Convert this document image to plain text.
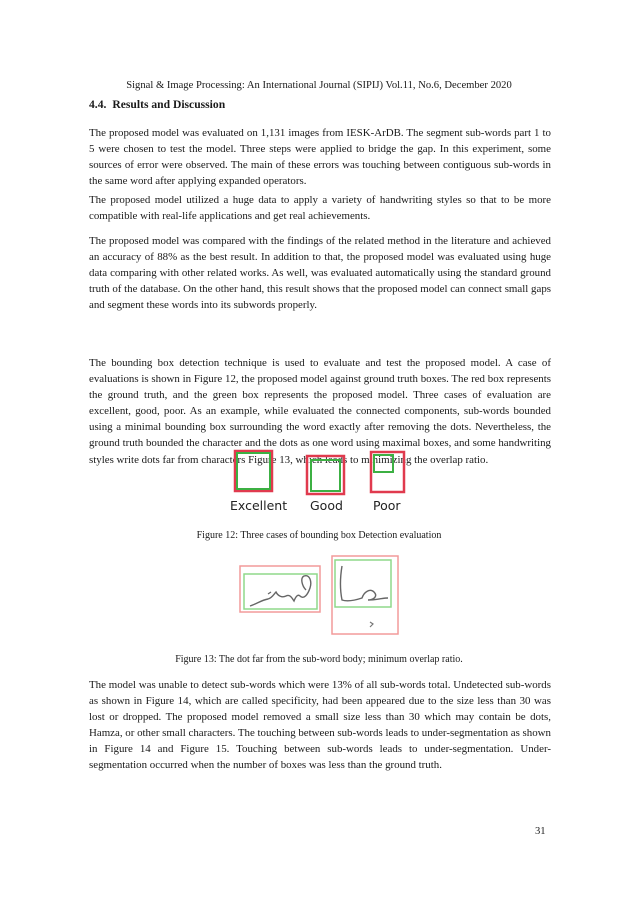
Signal & Image Processing: An International Journal (SIPIJ) Vol.11, No.6, December 2020
4.4. Results and Discussion

The proposed model was evaluated on 1,131 images from IESK-ArDB. The segment sub-words part 1 to 5 were chosen to test the model. Three steps were applied to bridge the gap. In this experiment, some sources of error were observed. The main of these errors was touching between contiguous sub-words in the same word after applying expanded operators.

The proposed model utilized a huge data to apply a variety of handwriting styles so that to be more compatible with real-life applications and get real achievements.

The proposed model was compared with the findings of the related method in the literature and achieved an accuracy of 88% as the best result. In addition to that, the proposed model was evaluated using huge data comparing with other related works. As well, was evaluated automatically using the standard ground truth of the database. On the other hand, this result shows that the proposed model can connect small gaps and segment these words into its subwords properly.

The bounding box detection technique is used to evaluate and test the proposed model. A case of evaluations is shown in Figure 12, the proposed model against ground truth boxes. The red box represents the ground truth, and the green box represents the proposed model. Three cases of evaluation are excellent, good, poor. As an example, while evaluated the connected components, sub-words bounded using a minimal bounding box surrounding the word exactly after removing the dots. Nevertheless, the ground truth bounded the character and the dots as one word using maximal boxes, and some handwriting styles write dots far from characters Figure 13, which leads to minimizing the overlap ratio.

Excellent Good Poor
Figure 12: Three cases of bounding box Detection evaluation
Figure 13: The dot far from the sub-word body; minimum overlap ratio.

The model was unable to detect sub-words which were 13% of all sub-words total. Undetected sub-words as shown in Figure 14, which are called specificity, had been appeared due to the size less than 30 was lost or dropped. The proposed model removed a small size less than 30 which may contain be dots, Hamza, or other small characters. The touching between sub-words leads to under-segmentation as shown in Figure 14 and Figure 15. Touching between sub-words leads to under-segmentation. Under-segmentation occurred when the number of boxes was less than the ground truth.

31
